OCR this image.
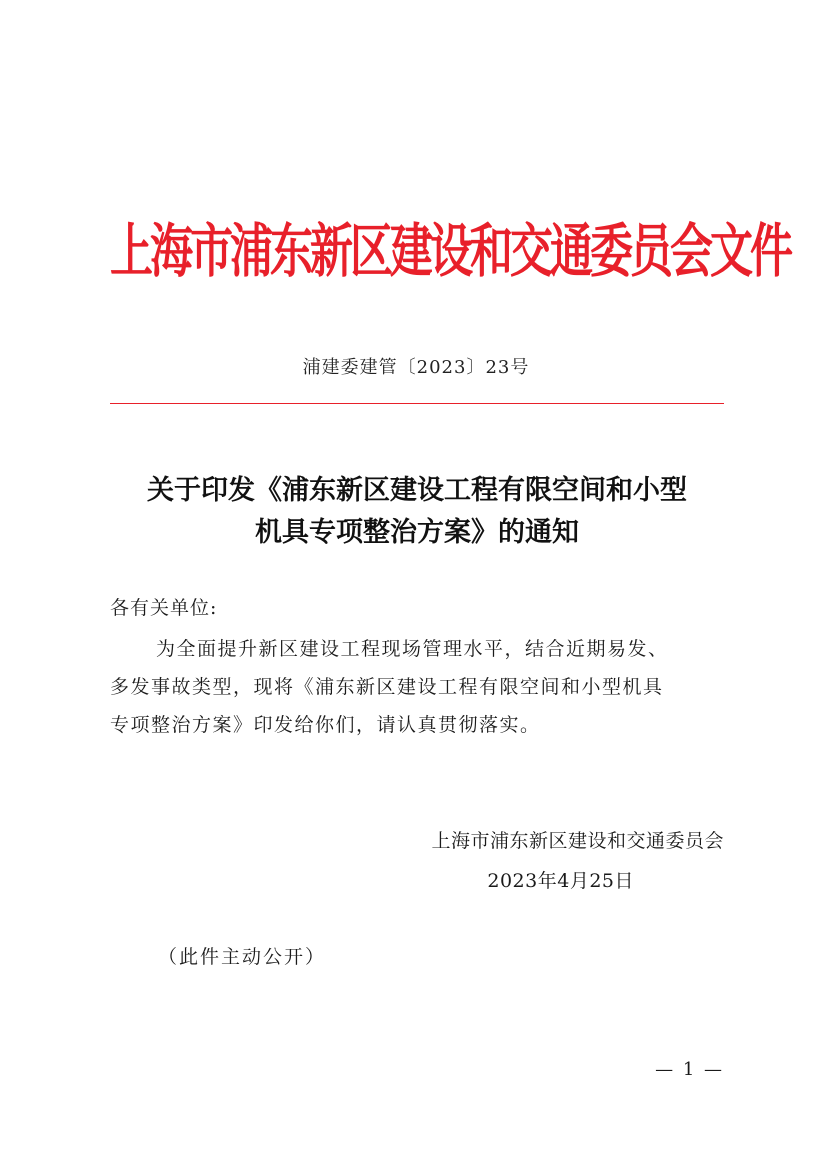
上海市浦东新区建设和交通委员会文件
浦建委建管〔2023〕23号
关于印发《浦东新区建设工程有限空间和小型
机具专项整治方案》的通知
各有关单位:
为全面提升新区建设工程现场管理水平，结合近期易发、
多发事故类型，现将《浦东新区建设工程有限空间和小型机具
专项整治方案》印发给你们，请认真贯彻落实。
上海市浦东新区建设和交通委员会
2023年4月25日
（此件主动公开）
— 1 —
